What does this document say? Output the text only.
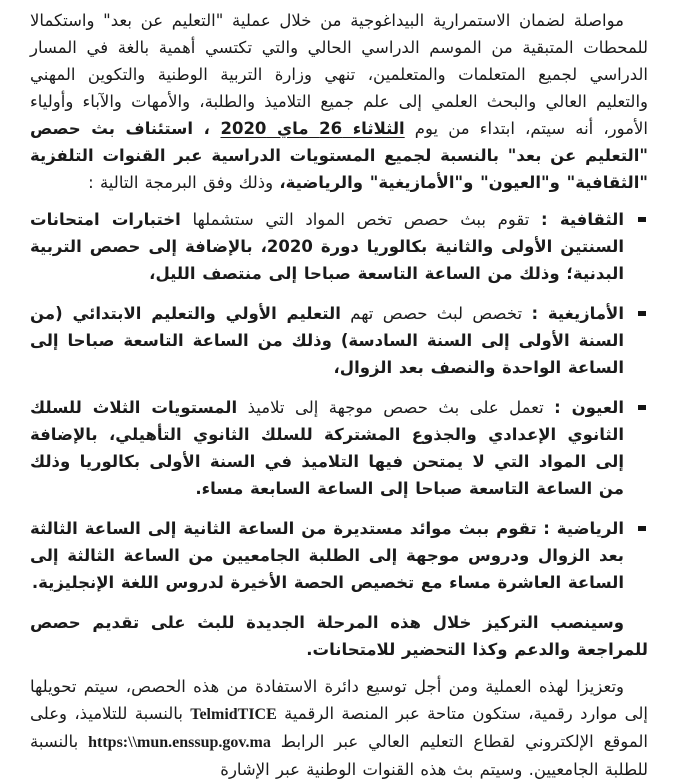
مواصلة لضمان الاستمرارية البيداغوجية من خلال عملية "التعليم عن بعد" واستكمالا للمحطات المتبقية من الموسم الدراسي الحالي والتي تكتسي أهمية بالغة في المسار الدراسي لجميع المتعلمات والمتعلمين، تنهي وزارة التربية الوطنية والتكوين المهني والتعليم العالي والبحث العلمي إلى علم جميع التلاميذ والطلبة، والأمهات والآباء وأولياء الأمور، أنه سيتم، ابتداء من يوم الثلاثاء 26 ماي 2020 ، استئناف بث حصص "التعليم عن بعد" بالنسبة لجميع المستويات الدراسية عبر القنوات التلفزية "الثقافية" و"العيون" و"الأمازيغية" والرياضية، وذلك وفق البرمجة التالية :

الثقافية : تقوم ببث حصص تخص المواد التي ستشملها اختبارات امتحانات السنتين الأولى والثانية بكالوريا دورة 2020، بالإضافة إلى حصص التربية البدنية؛ وذلك من الساعة التاسعة صباحا إلى منتصف الليل،
الأمازيغية : تخصص لبث حصص تهم التعليم الأولي والتعليم الابتدائي (من السنة الأولى إلى السنة السادسة) وذلك من الساعة التاسعة صباحا إلى الساعة الواحدة والنصف بعد الزوال،
العيون : تعمل على بث حصص موجهة إلى تلاميذ المستويات الثلاث للسلك الثانوي الإعدادي والجذوع المشتركة للسلك الثانوي التأهيلي، بالإضافة إلى المواد التي لا يمتحن فيها التلاميذ في السنة الأولى بكالوريا وذلك من الساعة التاسعة صباحا إلى الساعة السابعة مساء.
الرياضية : تقوم ببث موائد مستديرة من الساعة الثانية إلى الساعة الثالثة بعد الزوال ودروس موجهة إلى الطلبة الجامعيين من الساعة الثالثة إلى الساعة العاشرة مساء مع تخصيص الحصة الأخيرة لدروس اللغة الإنجليزية.

وسينصب التركيز خلال هذه المرحلة الجديدة للبث على تقديم حصص للمراجعة والدعم وكذا التحضير للامتحانات.

وتعزيزا لهذه العملية ومن أجل توسيع دائرة الاستفادة من هذه الحصص، سيتم تحويلها إلى موارد رقمية، ستكون متاحة عبر المنصة الرقمية TelmidTICE بالنسبة للتلاميذ، وعلى الموقع الإلكتروني لقطاع التعليم العالي عبر الرابط https:\\mun.enssup.gov.ma بالنسبة للطلبة الجامعيين. وسيتم بث هذه القنوات الوطنية عبر الإشارة
